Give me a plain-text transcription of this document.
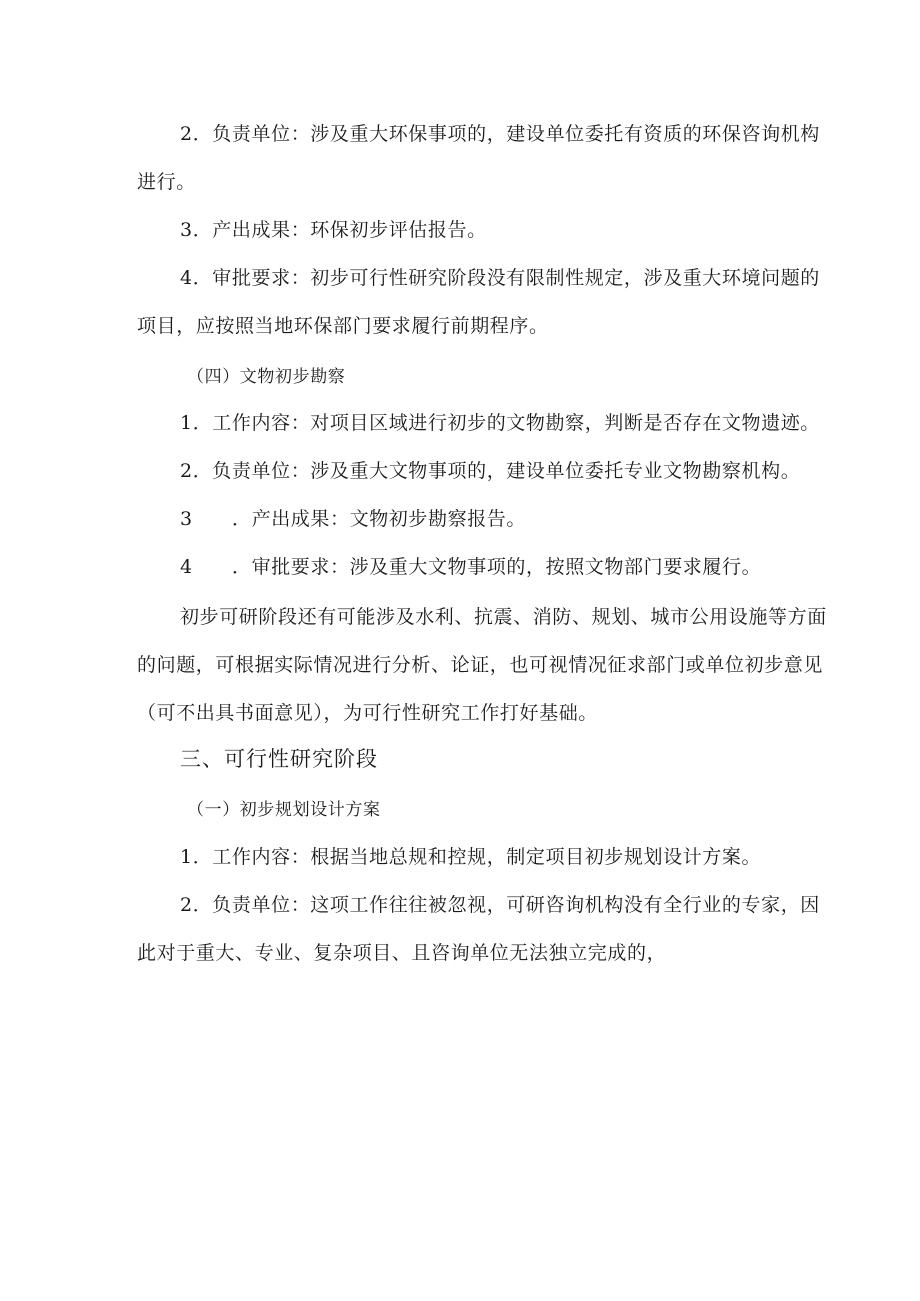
2．负责单位：涉及重大环保事项的，建设单位委托有资质的环保咨询机构
进行。
3．产出成果：环保初步评估报告。
4．审批要求：初步可行性研究阶段没有限制性规定，涉及重大环境问题的
项目，应按照当地环保部门要求履行前期程序。
（四）文物初步勘察
1．工作内容：对项目区域进行初步的文物勘察，判断是否存在文物遗迹。
2．负责单位：涉及重大文物事项的，建设单位委托专业文物勘察机构。
3 ．产出成果：文物初步勘察报告。
4 ．审批要求：涉及重大文物事项的，按照文物部门要求履行。
初步可研阶段还有可能涉及水利、抗震、消防、规划、城市公用设施等方面
的问题，可根据实际情况进行分析、论证，也可视情况征求部门或单位初步意见
（可不出具书面意见），为可行性研究工作打好基础。
三、可行性研究阶段
（一）初步规划设计方案
1．工作内容：根据当地总规和控规，制定项目初步规划设计方案。
2．负责单位：这项工作往往被忽视，可研咨询机构没有全行业的专家，因
此对于重大、专业、复杂项目、且咨询单位无法独立完成的，
